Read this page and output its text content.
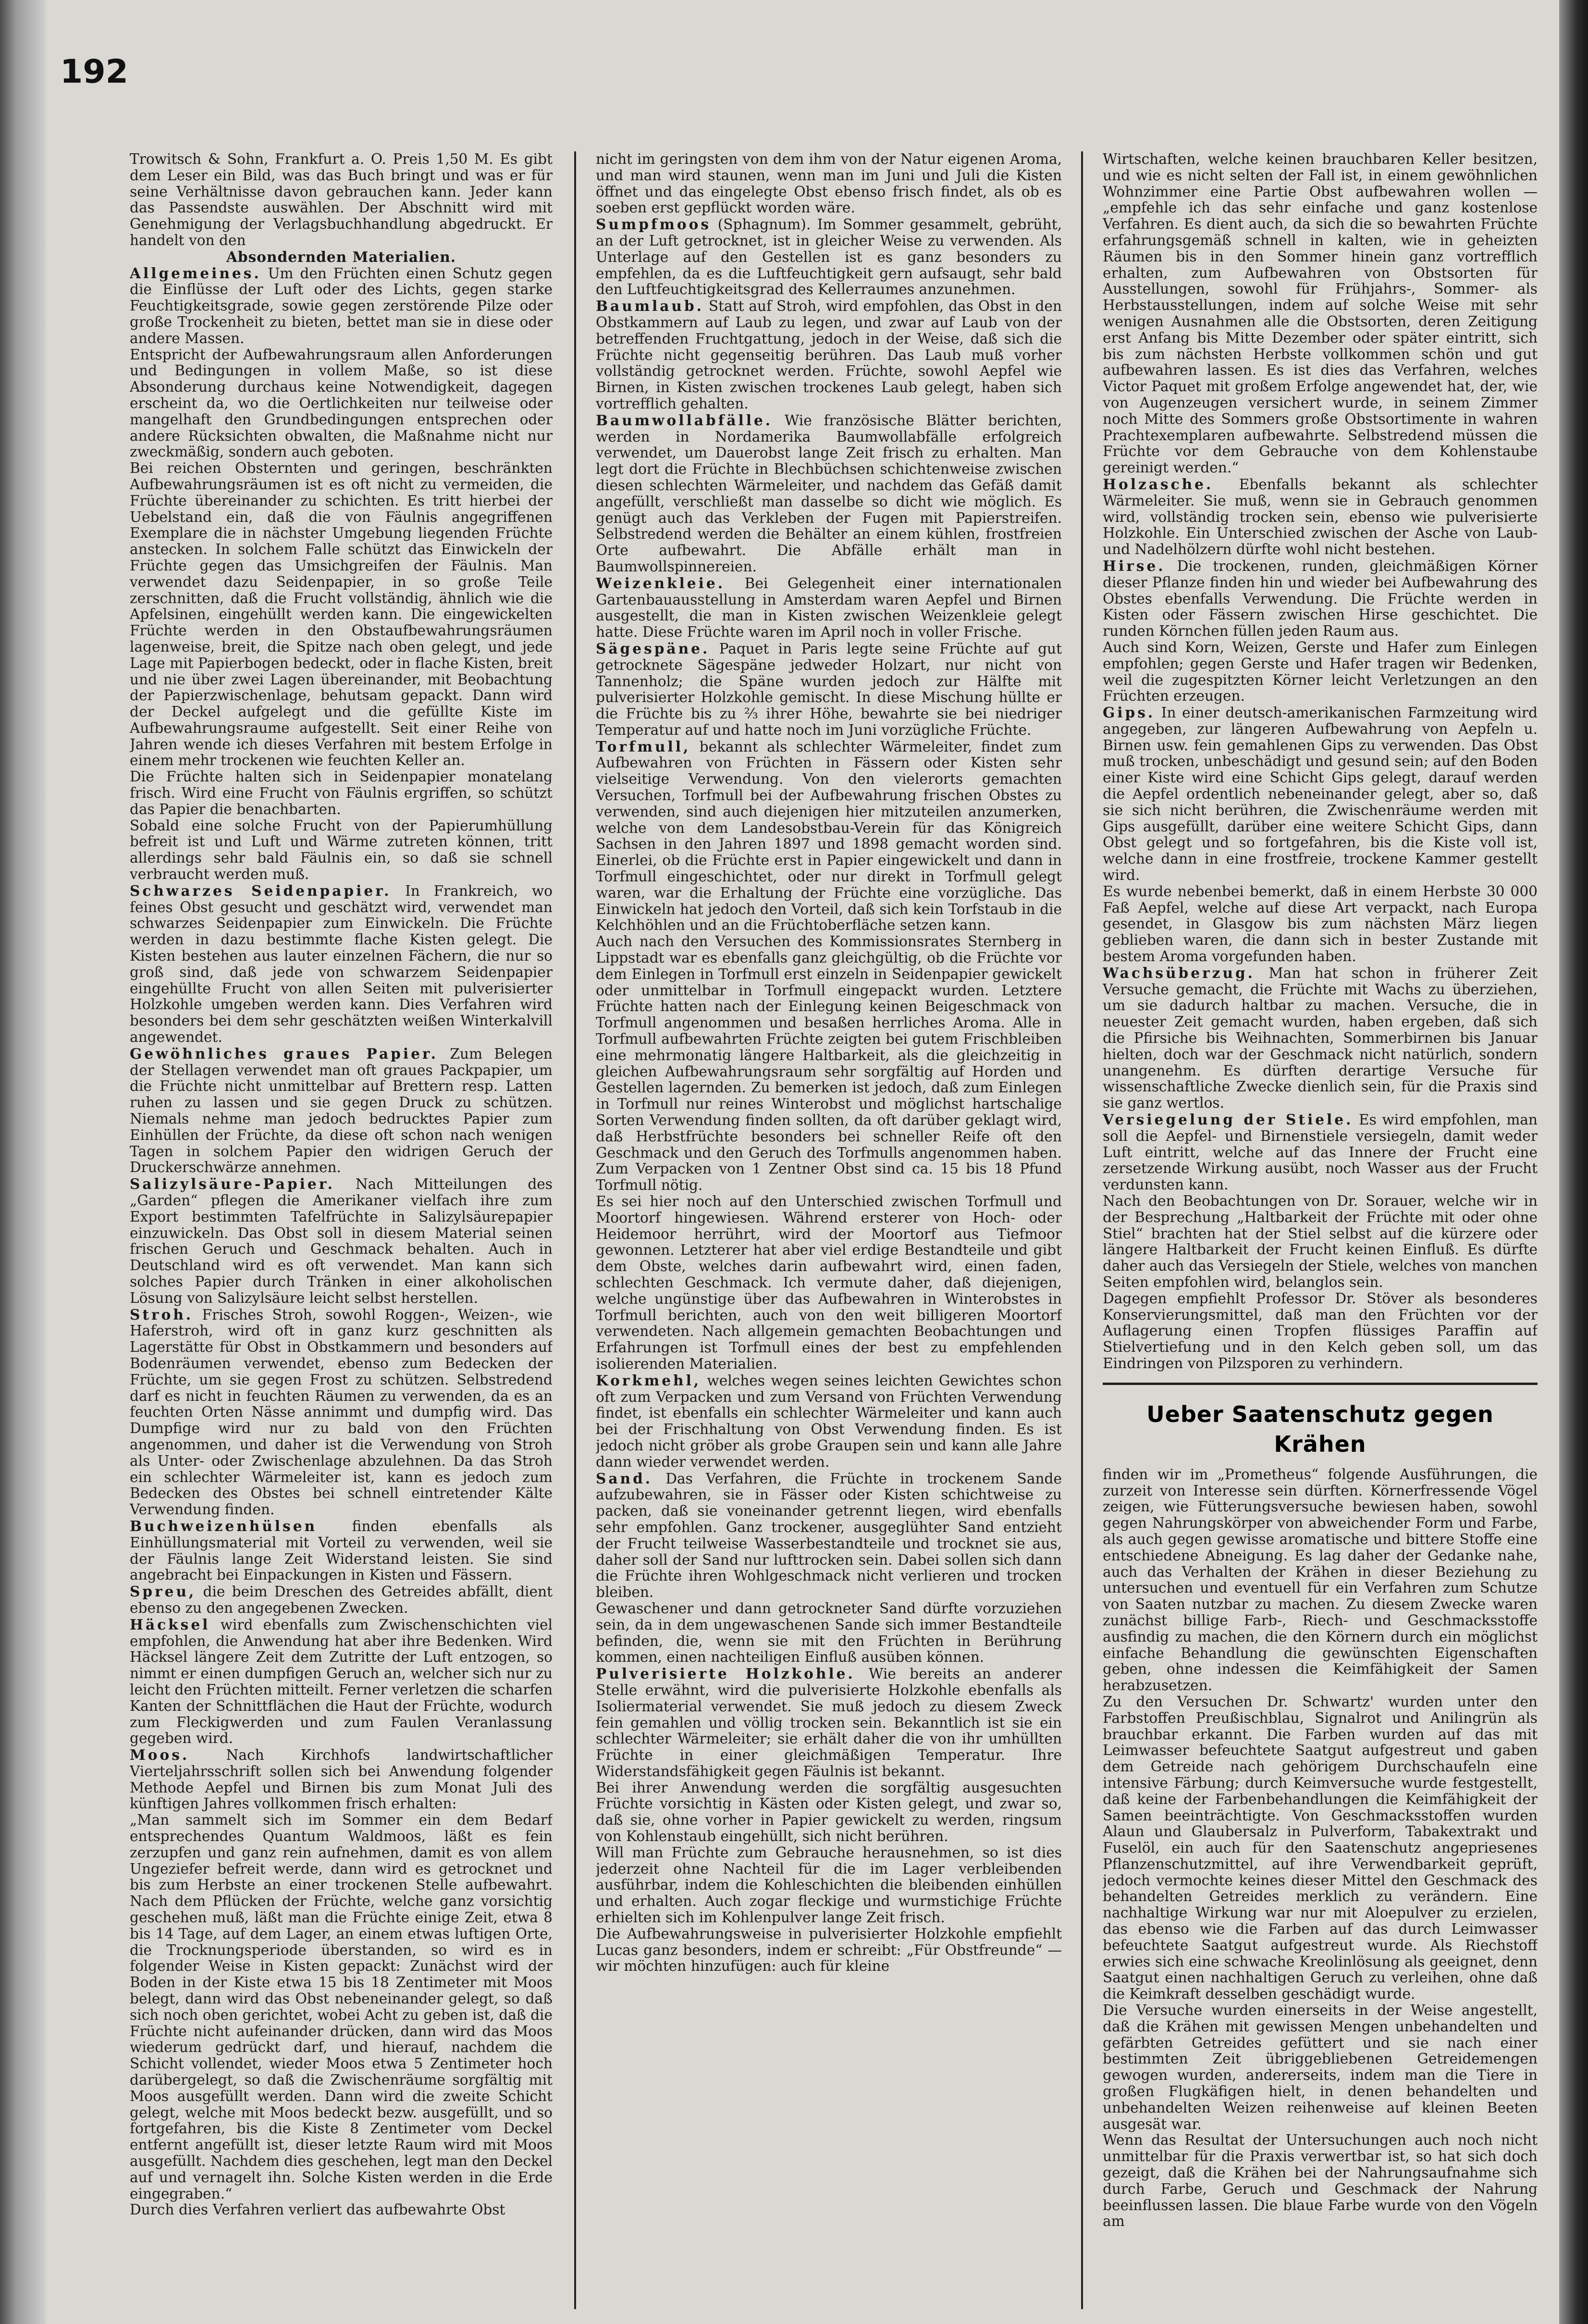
192

Trowitsch & Sohn, Frankfurt a. O. Preis 1,50 M. Es gibt dem Leser ein Bild, was das Buch bringt und was er für seine Verhältnisse davon gebrauchen kann. Jeder kann das Passendste auswählen. Der Abschnitt wird mit Genehmigung der Verlagsbuchhandlung abgedruckt. Er handelt von den

Absondernden Materialien.

Allgemeines. Um den Früchten einen Schutz gegen die Einflüsse der Luft oder des Lichts, gegen starke Feuchtigkeitsgrade, sowie gegen zerstörende Pilze oder große Trockenheit zu bieten, bettet man sie in diese oder andere Massen.

Entspricht der Aufbewahrungsraum allen Anforderungen und Bedingungen in vollem Maße, so ist diese Absonderung durchaus keine Notwendigkeit, dagegen erscheint da, wo die Oertlichkeiten nur teilweise oder mangelhaft den Grundbedingungen entsprechen oder andere Rücksichten obwalten, die Maßnahme nicht nur zweckmäßig, sondern auch geboten.

Bei reichen Obsternten und geringen, beschränkten Aufbewahrungsräumen ist es oft nicht zu vermeiden, die Früchte übereinander zu schichten. Es tritt hierbei der Uebelstand ein, daß die von Fäulnis angegriffenen Exemplare die in nächster Umgebung liegenden Früchte anstecken. In solchem Falle schützt das Einwickeln der Früchte gegen das Umsichgreifen der Fäulnis. Man verwendet dazu Seidenpapier, in so große Teile zerschnitten, daß die Frucht vollständig, ähnlich wie die Apfelsinen, eingehüllt werden kann. Die eingewickelten Früchte werden in den Obstaufbewahrungsräumen lagenweise, breit, die Spitze nach oben gelegt, und jede Lage mit Papierbogen bedeckt, oder in flache Kisten, breit und nie über zwei Lagen übereinander, mit Beobachtung der Papierzwischenlage, behutsam gepackt. Dann wird der Deckel aufgelegt und die gefüllte Kiste im Aufbewahrungsraume aufgestellt. Seit einer Reihe von Jahren wende ich dieses Verfahren mit bestem Erfolge in einem mehr trockenen wie feuchten Keller an.

Die Früchte halten sich in Seidenpapier monatelang frisch. Wird eine Frucht von Fäulnis ergriffen, so schützt das Papier die benachbarten.

Sobald eine solche Frucht von der Papierumhüllung befreit ist und Luft und Wärme zutreten können, tritt allerdings sehr bald Fäulnis ein, so daß sie schnell verbraucht werden muß.

Schwarzes Seidenpapier. In Frankreich, wo feines Obst gesucht und geschätzt wird, verwendet man schwarzes Seidenpapier zum Einwickeln. Die Früchte werden in dazu bestimmte flache Kisten gelegt. Die Kisten bestehen aus lauter einzelnen Fächern, die nur so groß sind, daß jede von schwarzem Seidenpapier eingehüllte Frucht von allen Seiten mit pulverisierter Holzkohle umgeben werden kann. Dies Verfahren wird besonders bei dem sehr geschätzten weißen Winterkalvill angewendet.

Gewöhnliches graues Papier. Zum Belegen der Stellagen verwendet man oft graues Packpapier, um die Früchte nicht unmittelbar auf Brettern resp. Latten ruhen zu lassen und sie gegen Druck zu schützen. Niemals nehme man jedoch bedrucktes Papier zum Einhüllen der Früchte, da diese oft schon nach wenigen Tagen in solchem Papier den widrigen Geruch der Druckerschwärze annehmen.

Salizylsäure-Papier. Nach Mitteilungen des „Garden“ pflegen die Amerikaner vielfach ihre zum Export bestimmten Tafelfrüchte in Salizylsäurepapier einzuwickeln. Das Obst soll in diesem Material seinen frischen Geruch und Geschmack behalten. Auch in Deutschland wird es oft verwendet. Man kann sich solches Papier durch Tränken in einer alkoholischen Lösung von Salizylsäure leicht selbst herstellen.

Stroh. Frisches Stroh, sowohl Roggen-, Weizen-, wie Haferstroh, wird oft in ganz kurz geschnitten als Lagerstätte für Obst in Obstkammern und besonders auf Bodenräumen verwendet, ebenso zum Bedecken der Früchte, um sie gegen Frost zu schützen. Selbstredend darf es nicht in feuchten Räumen zu verwenden, da es an feuchten Orten Nässe annimmt und dumpfig wird. Das Dumpfige wird nur zu bald von den Früchten angenommen, und daher ist die Verwendung von Stroh als Unter- oder Zwischenlage abzulehnen. Da das Stroh ein schlechter Wärmeleiter ist, kann es jedoch zum Bedecken des Obstes bei schnell eintretender Kälte Verwendung finden.

Buchweizenhülsen finden ebenfalls als Einhüllungsmaterial mit Vorteil zu verwenden, weil sie der Fäulnis lange Zeit Widerstand leisten. Sie sind angebracht bei Einpackungen in Kisten und Fässern.

Spreu, die beim Dreschen des Getreides abfällt, dient ebenso zu den angegebenen Zwecken.

Häcksel wird ebenfalls zum Zwischenschichten viel empfohlen, die Anwendung hat aber ihre Bedenken. Wird Häcksel längere Zeit dem Zutritte der Luft entzogen, so nimmt er einen dumpfigen Geruch an, welcher sich nur zu leicht den Früchten mitteilt. Ferner verletzen die scharfen Kanten der Schnittflächen die Haut der Früchte, wodurch zum Fleckigwerden und zum Faulen Veranlassung gegeben wird.

Moos. Nach Kirchhofs landwirtschaftlicher Vierteljahrsschrift sollen sich bei Anwendung folgender Methode Aepfel und Birnen bis zum Monat Juli des künftigen Jahres vollkommen frisch erhalten:

„Man sammelt sich im Sommer ein dem Bedarf entsprechendes Quantum Waldmoos, läßt es fein zerzupfen und ganz rein aufnehmen, damit es von allem Ungeziefer befreit werde, dann wird es getrocknet und bis zum Herbste an einer trockenen Stelle aufbewahrt. Nach dem Pflücken der Früchte, welche ganz vorsichtig geschehen muß, läßt man die Früchte einige Zeit, etwa 8 bis 14 Tage, auf dem Lager, an einem etwas luftigen Orte, die Trocknungsperiode überstanden, so wird es in folgender Weise in Kisten gepackt: Zunächst wird der Boden in der Kiste etwa 15 bis 18 Zentimeter mit Moos belegt, dann wird das Obst nebeneinander gelegt, so daß sich noch oben gerichtet, wobei Acht zu geben ist, daß die Früchte nicht aufeinander drücken, dann wird das Moos wiederum gedrückt darf, und hierauf, nachdem die Schicht vollendet, wieder Moos etwa 5 Zentimeter hoch darübergelegt, so daß die Zwischenräume sorgfältig mit Moos ausgefüllt werden. Dann wird die zweite Schicht gelegt, welche mit Moos bedeckt bezw. ausgefüllt, und so fortgefahren, bis die Kiste 8 Zentimeter vom Deckel entfernt angefüllt ist, dieser letzte Raum wird mit Moos ausgefüllt. Nachdem dies geschehen, legt man den Deckel auf und vernagelt ihn. Solche Kisten werden in die Erde eingegraben.“

Durch dies Verfahren verliert das aufbewahrte Obst

nicht im geringsten von dem ihm von der Natur eigenen Aroma, und man wird staunen, wenn man im Juni und Juli die Kisten öffnet und das eingelegte Obst ebenso frisch findet, als ob es soeben erst gepflückt worden wäre.

Sumpfmoos (Sphagnum). Im Sommer gesammelt, gebrüht, an der Luft getrocknet, ist in gleicher Weise zu verwenden. Als Unterlage auf den Gestellen ist es ganz besonders zu empfehlen, da es die Luftfeuchtigkeit gern aufsaugt, sehr bald den Luftfeuchtigkeitsgrad des Kellerraumes anzunehmen.

Baumlaub. Statt auf Stroh, wird empfohlen, das Obst in den Obstkammern auf Laub zu legen, und zwar auf Laub von der betreffenden Fruchtgattung, jedoch in der Weise, daß sich die Früchte nicht gegenseitig berühren. Das Laub muß vorher vollständig getrocknet werden. Früchte, sowohl Aepfel wie Birnen, in Kisten zwischen trockenes Laub gelegt, haben sich vortrefflich gehalten.

Baumwollabfälle. Wie französische Blätter berichten, werden in Nordamerika Baumwollabfälle erfolgreich verwendet, um Dauerobst lange Zeit frisch zu erhalten. Man legt dort die Früchte in Blechbüchsen schichtenweise zwischen diesen schlechten Wärmeleiter, und nachdem das Gefäß damit angefüllt, verschließt man dasselbe so dicht wie möglich. Es genügt auch das Verkleben der Fugen mit Papierstreifen. Selbstredend werden die Behälter an einem kühlen, frostfreien Orte aufbewahrt. Die Abfälle erhält man in Baumwollspinnereien.

Weizenkleie. Bei Gelegenheit einer internationalen Gartenbauausstellung in Amsterdam waren Aepfel und Birnen ausgestellt, die man in Kisten zwischen Weizenkleie gelegt hatte. Diese Früchte waren im April noch in voller Frische.

Sägespäne. Paquet in Paris legte seine Früchte auf gut getrocknete Sägespäne jedweder Holzart, nur nicht von Tannenholz; die Späne wurden jedoch zur Hälfte mit pulverisierter Holzkohle gemischt. In diese Mischung hüllte er die Früchte bis zu ⅔ ihrer Höhe, bewahrte sie bei niedriger Temperatur auf und hatte noch im Juni vorzügliche Früchte.

Torfmull, bekannt als schlechter Wärmeleiter, findet zum Aufbewahren von Früchten in Fässern oder Kisten sehr vielseitige Verwendung. Von den vielerorts gemachten Versuchen, Torfmull bei der Aufbewahrung frischen Obstes zu verwenden, sind auch diejenigen hier mitzuteilen anzumerken, welche von dem Landesobstbau-Verein für das Königreich Sachsen in den Jahren 1897 und 1898 gemacht worden sind. Einerlei, ob die Früchte erst in Papier eingewickelt und dann in Torfmull eingeschichtet, oder nur direkt in Torfmull gelegt waren, war die Erhaltung der Früchte eine vorzügliche. Das Einwickeln hat jedoch den Vorteil, daß sich kein Torfstaub in die Kelchhöhlen und an die Früchtoberfläche setzen kann.

Auch nach den Versuchen des Kommissionsrates Sternberg in Lippstadt war es ebenfalls ganz gleichgültig, ob die Früchte vor dem Einlegen in Torfmull erst einzeln in Seidenpapier gewickelt oder unmittelbar in Torfmull eingepackt wurden. Letztere Früchte hatten nach der Einlegung keinen Beigeschmack von Torfmull angenommen und besaßen herrliches Aroma. Alle in Torfmull aufbewahrten Früchte zeigten bei gutem Frischbleiben eine mehrmonatig längere Haltbarkeit, als die gleichzeitig in gleichen Aufbewahrungsraum sehr sorgfältig auf Horden und Gestellen lagernden. Zu bemerken ist jedoch, daß zum Einlegen in Torfmull nur reines Winterobst und möglichst hartschalige Sorten Verwendung finden sollten, da oft darüber geklagt wird, daß Herbstfrüchte besonders bei schneller Reife oft den Geschmack und den Geruch des Torfmulls angenommen haben. Zum Verpacken von 1 Zentner Obst sind ca. 15 bis 18 Pfund Torfmull nötig.

Es sei hier noch auf den Unterschied zwischen Torfmull und Moortorf hingewiesen. Während ersterer von Hoch- oder Heidemoor herrührt, wird der Moortorf aus Tiefmoor gewonnen. Letzterer hat aber viel erdige Bestandteile und gibt dem Obste, welches darin aufbewahrt wird, einen faden, schlechten Geschmack. Ich vermute daher, daß diejenigen, welche ungünstige über das Aufbewahren in Winterobstes in Torfmull berichten, auch von den weit billigeren Moortorf verwendeten. Nach allgemein gemachten Beobachtungen und Erfahrungen ist Torfmull eines der best zu empfehlenden isolierenden Materialien.

Korkmehl, welches wegen seines leichten Gewichtes schon oft zum Verpacken und zum Versand von Früchten Verwendung findet, ist ebenfalls ein schlechter Wärmeleiter und kann auch bei der Frischhaltung von Obst Verwendung finden. Es ist jedoch nicht gröber als grobe Graupen sein und kann alle Jahre dann wieder verwendet werden.

Sand. Das Verfahren, die Früchte in trockenem Sande aufzubewahren, sie in Fässer oder Kisten schichtweise zu packen, daß sie voneinander getrennt liegen, wird ebenfalls sehr empfohlen. Ganz trockener, ausgeglühter Sand entzieht der Frucht teilweise Wasserbestandteile und trocknet sie aus, daher soll der Sand nur lufttrocken sein. Dabei sollen sich dann die Früchte ihren Wohlgeschmack nicht verlieren und trocken bleiben.

Gewaschener und dann getrockneter Sand dürfte vorzuziehen sein, da in dem ungewaschenen Sande sich immer Bestandteile befinden, die, wenn sie mit den Früchten in Berührung kommen, einen nachteiligen Einfluß ausüben können.

Pulverisierte Holzkohle. Wie bereits an anderer Stelle erwähnt, wird die pulverisierte Holzkohle ebenfalls als Isoliermaterial verwendet. Sie muß jedoch zu diesem Zweck fein gemahlen und völlig trocken sein. Bekanntlich ist sie ein schlechter Wärmeleiter; sie erhält daher die von ihr umhüllten Früchte in einer gleichmäßigen Temperatur. Ihre Widerstandsfähigkeit gegen Fäulnis ist bekannt.

Bei ihrer Anwendung werden die sorgfältig ausgesuchten Früchte vorsichtig in Kästen oder Kisten gelegt, und zwar so, daß sie, ohne vorher in Papier gewickelt zu werden, ringsum von Kohlenstaub eingehüllt, sich nicht berühren.

Will man Früchte zum Gebrauche herausnehmen, so ist dies jederzeit ohne Nachteil für die im Lager verbleibenden ausführbar, indem die Kohleschichten die bleibenden einhüllen und erhalten. Auch zogar fleckige und wurmstichige Früchte erhielten sich im Kohlenpulver lange Zeit frisch.

Die Aufbewahrungsweise in pulverisierter Holzkohle empfiehlt Lucas ganz besonders, indem er schreibt: „Für Obstfreunde“ — wir möchten hinzufügen: auch für kleine

Wirtschaften, welche keinen brauchbaren Keller besitzen, und wie es nicht selten der Fall ist, in einem gewöhnlichen Wohnzimmer eine Partie Obst aufbewahren wollen — „empfehle ich das sehr einfache und ganz kostenlose Verfahren. Es dient auch, da sich die so bewahrten Früchte erfahrungsgemäß schnell in kalten, wie in geheizten Räumen bis in den Sommer hinein ganz vortrefflich erhalten, zum Aufbewahren von Obstsorten für Ausstellungen, sowohl für Frühjahrs-, Sommer- als Herbstausstellungen, indem auf solche Weise mit sehr wenigen Ausnahmen alle die Obstsorten, deren Zeitigung erst Anfang bis Mitte Dezember oder später eintritt, sich bis zum nächsten Herbste vollkommen schön und gut aufbewahren lassen. Es ist dies das Verfahren, welches Victor Paquet mit großem Erfolge angewendet hat, der, wie von Augenzeugen versichert wurde, in seinem Zimmer noch Mitte des Sommers große Obstsortimente in wahren Prachtexemplaren aufbewahrte. Selbstredend müssen die Früchte vor dem Gebrauche von dem Kohlenstaube gereinigt werden.“

Holzasche. Ebenfalls bekannt als schlechter Wärmeleiter. Sie muß, wenn sie in Gebrauch genommen wird, vollständig trocken sein, ebenso wie pulverisierte Holzkohle. Ein Unterschied zwischen der Asche von Laub- und Nadelhölzern dürfte wohl nicht bestehen.

Hirse. Die trockenen, runden, gleichmäßigen Körner dieser Pflanze finden hin und wieder bei Aufbewahrung des Obstes ebenfalls Verwendung. Die Früchte werden in Kisten oder Fässern zwischen Hirse geschichtet. Die runden Körnchen füllen jeden Raum aus.

Auch sind Korn, Weizen, Gerste und Hafer zum Einlegen empfohlen; gegen Gerste und Hafer tragen wir Bedenken, weil die zugespitzten Körner leicht Verletzungen an den Früchten erzeugen.

Gips. In einer deutsch-amerikanischen Farmzeitung wird angegeben, zur längeren Aufbewahrung von Aepfeln u. Birnen usw. fein gemahlenen Gips zu verwenden. Das Obst muß trocken, unbeschädigt und gesund sein; auf den Boden einer Kiste wird eine Schicht Gips gelegt, darauf werden die Aepfel ordentlich nebeneinander gelegt, aber so, daß sie sich nicht berühren, die Zwischenräume werden mit Gips ausgefüllt, darüber eine weitere Schicht Gips, dann Obst gelegt und so fortgefahren, bis die Kiste voll ist, welche dann in eine frostfreie, trockene Kammer gestellt wird.

Es wurde nebenbei bemerkt, daß in einem Herbste 30 000 Faß Aepfel, welche auf diese Art verpackt, nach Europa gesendet, in Glasgow bis zum nächsten März liegen geblieben waren, die dann sich in bester Zustande mit bestem Aroma vorgefunden haben.

Wachsüberzug. Man hat schon in früherer Zeit Versuche gemacht, die Früchte mit Wachs zu überziehen, um sie dadurch haltbar zu machen. Versuche, die in neuester Zeit gemacht wurden, haben ergeben, daß sich die Pfirsiche bis Weihnachten, Sommerbirnen bis Januar hielten, doch war der Geschmack nicht natürlich, sondern unangenehm. Es dürften derartige Versuche für wissenschaftliche Zwecke dienlich sein, für die Praxis sind sie ganz wertlos.

Versiegelung der Stiele. Es wird empfohlen, man soll die Aepfel- und Birnenstiele versiegeln, damit weder Luft eintritt, welche auf das Innere der Frucht eine zersetzende Wirkung ausübt, noch Wasser aus der Frucht verdunsten kann.

Nach den Beobachtungen von Dr. Sorauer, welche wir in der Besprechung „Haltbarkeit der Früchte mit oder ohne Stiel“ brachten hat der Stiel selbst auf die kürzere oder längere Haltbarkeit der Frucht keinen Einfluß. Es dürfte daher auch das Versiegeln der Stiele, welches von manchen Seiten empfohlen wird, belanglos sein.

Dagegen empfiehlt Professor Dr. Stöver als besonderes Konservierungsmittel, daß man den Früchten vor der Auflagerung einen Tropfen flüssiges Paraffin auf Stielvertiefung und in den Kelch geben soll, um das Eindringen von Pilzsporen zu verhindern.

Ueber Saatenschutz gegen Krähen

finden wir im „Prometheus“ folgende Ausführungen, die zurzeit von Interesse sein dürften. Körnerfressende Vögel zeigen, wie Fütterungsversuche bewiesen haben, sowohl gegen Nahrungskörper von abweichender Form und Farbe, als auch gegen gewisse aromatische und bittere Stoffe eine entschiedene Abneigung. Es lag daher der Gedanke nahe, auch das Verhalten der Krähen in dieser Beziehung zu untersuchen und eventuell für ein Verfahren zum Schutze von Saaten nutzbar zu machen. Zu diesem Zwecke waren zunächst billige Farb-, Riech- und Geschmacksstoffe ausfindig zu machen, die den Körnern durch ein möglichst einfache Behandlung die gewünschten Eigenschaften geben, ohne indessen die Keimfähigkeit der Samen herabzusetzen.

Zu den Versuchen Dr. Schwartz' wurden unter den Farbstoffen Preußischblau, Signalrot und Anilingrün als brauchbar erkannt. Die Farben wurden auf das mit Leimwasser befeuchtete Saatgut aufgestreut und gaben dem Getreide nach gehörigem Durchschaufeln eine intensive Färbung; durch Keimversuche wurde festgestellt, daß keine der Farbenbehandlungen die Keimfähigkeit der Samen beeinträchtigte. Von Geschmacksstoffen wurden Alaun und Glaubersalz in Pulverform, Tabakextrakt und Fuselöl, ein auch für den Saatenschutz angepriesenes Pflanzenschutzmittel, auf ihre Verwendbarkeit geprüft, jedoch vermochte keines dieser Mittel den Geschmack des behandelten Getreides merklich zu verändern. Eine nachhaltige Wirkung war nur mit Aloepulver zu erzielen, das ebenso wie die Farben auf das durch Leimwasser befeuchtete Saatgut aufgestreut wurde. Als Riechstoff erwies sich eine schwache Kreolinlösung als geeignet, denn Saatgut einen nachhaltigen Geruch zu verleihen, ohne daß die Keimkraft desselben geschädigt wurde.

Die Versuche wurden einerseits in der Weise angestellt, daß die Krähen mit gewissen Mengen unbehandelten und gefärbten Getreides gefüttert und sie nach einer bestimmten Zeit übriggebliebenen Getreidemengen gewogen wurden, andererseits, indem man die Tiere in großen Flugkäfigen hielt, in denen behandelten und unbehandelten Weizen reihenweise auf kleinen Beeten ausgesät war.

Wenn das Resultat der Untersuchungen auch noch nicht unmittelbar für die Praxis verwertbar ist, so hat sich doch gezeigt, daß die Krähen bei der Nahrungsaufnahme sich durch Farbe, Geruch und Geschmack der Nahrung beeinflussen lassen. Die blaue Farbe wurde von den Vögeln am
